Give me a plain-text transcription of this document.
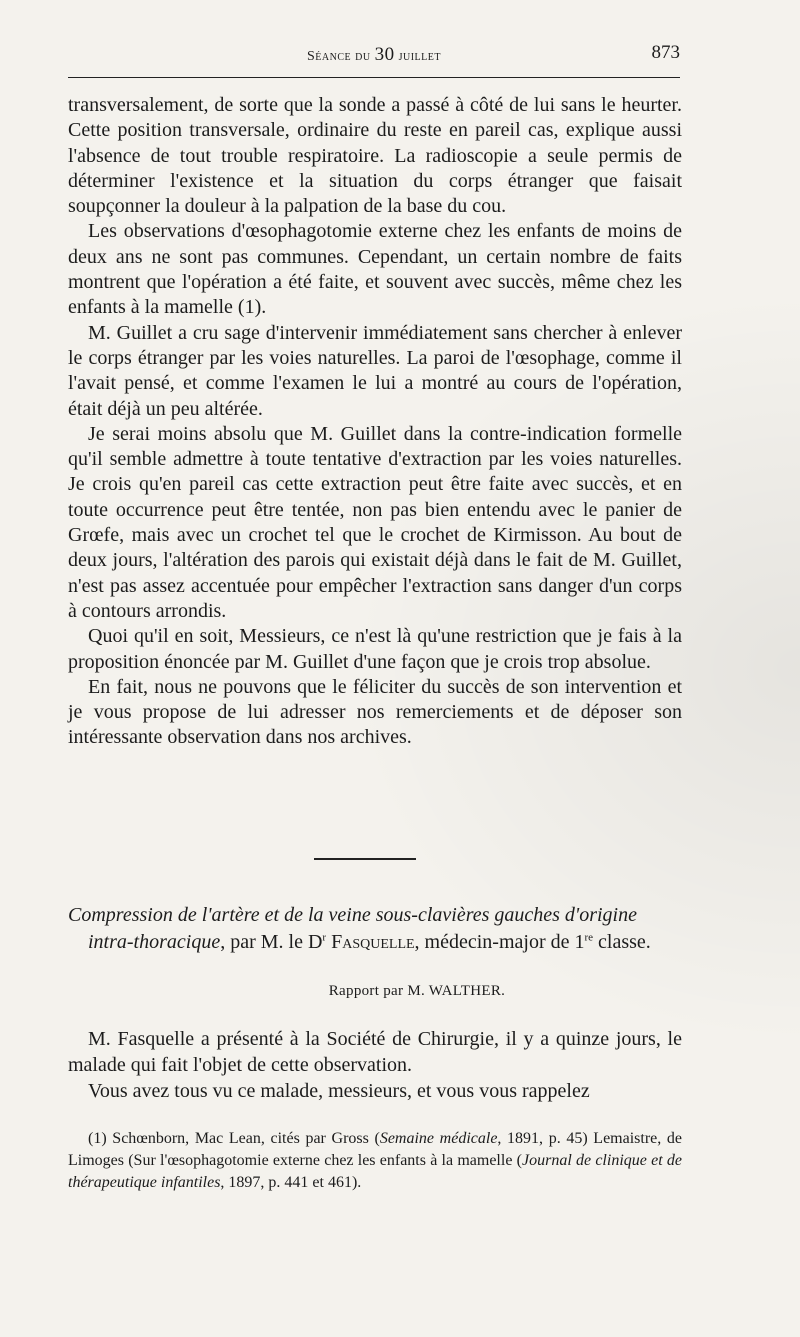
Séance du 30 juillet	873

transversalement, de sorte que la sonde a passé à côté de lui sans le heurter. Cette position transversale, ordinaire du reste en pareil cas, explique aussi l'absence de tout trouble respiratoire. La radioscopie a seule permis de déterminer l'existence et la situation du corps étranger que faisait soupçonner la douleur à la palpation de la base du cou.

Les observations d'œsophagotomie externe chez les enfants de moins de deux ans ne sont pas communes. Cependant, un certain nombre de faits montrent que l'opération a été faite, et souvent avec succès, même chez les enfants à la mamelle (1).

M. Guillet a cru sage d'intervenir immédiatement sans chercher à enlever le corps étranger par les voies naturelles. La paroi de l'œsophage, comme il l'avait pensé, et comme l'examen le lui a montré au cours de l'opération, était déjà un peu altérée.

Je serai moins absolu que M. Guillet dans la contre-indication formelle qu'il semble admettre à toute tentative d'extraction par les voies naturelles. Je crois qu'en pareil cas cette extraction peut être faite avec succès, et en toute occurrence peut être tentée, non pas bien entendu avec le panier de Grœfe, mais avec un crochet tel que le crochet de Kirmisson. Au bout de deux jours, l'altération des parois qui existait déjà dans le fait de M. Guillet, n'est pas assez accentuée pour empêcher l'extraction sans danger d'un corps à contours arrondis.

Quoi qu'il en soit, Messieurs, ce n'est là qu'une restriction que je fais à la proposition énoncée par M. Guillet d'une façon que je crois trop absolue.

En fait, nous ne pouvons que le féliciter du succès de son intervention et je vous propose de lui adresser nos remerciements et de déposer son intéressante observation dans nos archives.

Compression de l'artère et de la veine sous-clavières gauches d'origine
intra-thoracique, par M. le $D^r$ Fasquelle, médecin-major de 1re classe.
Rapport par M. WALTHER.

M. Fasquelle a présenté à la Société de Chirurgie, il y a quinze jours, le malade qui fait l'objet de cette observation.

Vous avez tous vu ce malade, messieurs, et vous vous rappelez

(1) Schœnborn, Mac Lean, cités par Gross (Semaine médicale, 1891, p. 45) Lemaistre, de Limoges (Sur l'œsophagotomie externe chez les enfants à la mamelle (Journal de clinique et de thérapeutique infantiles, 1897, p. 441 et 461).
